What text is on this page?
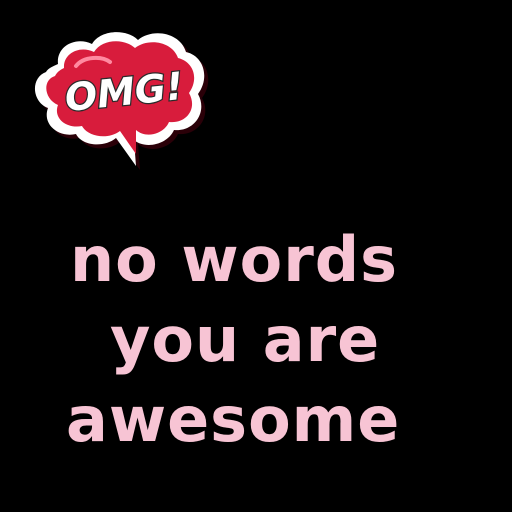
OMG!

no words

you are

awesome
